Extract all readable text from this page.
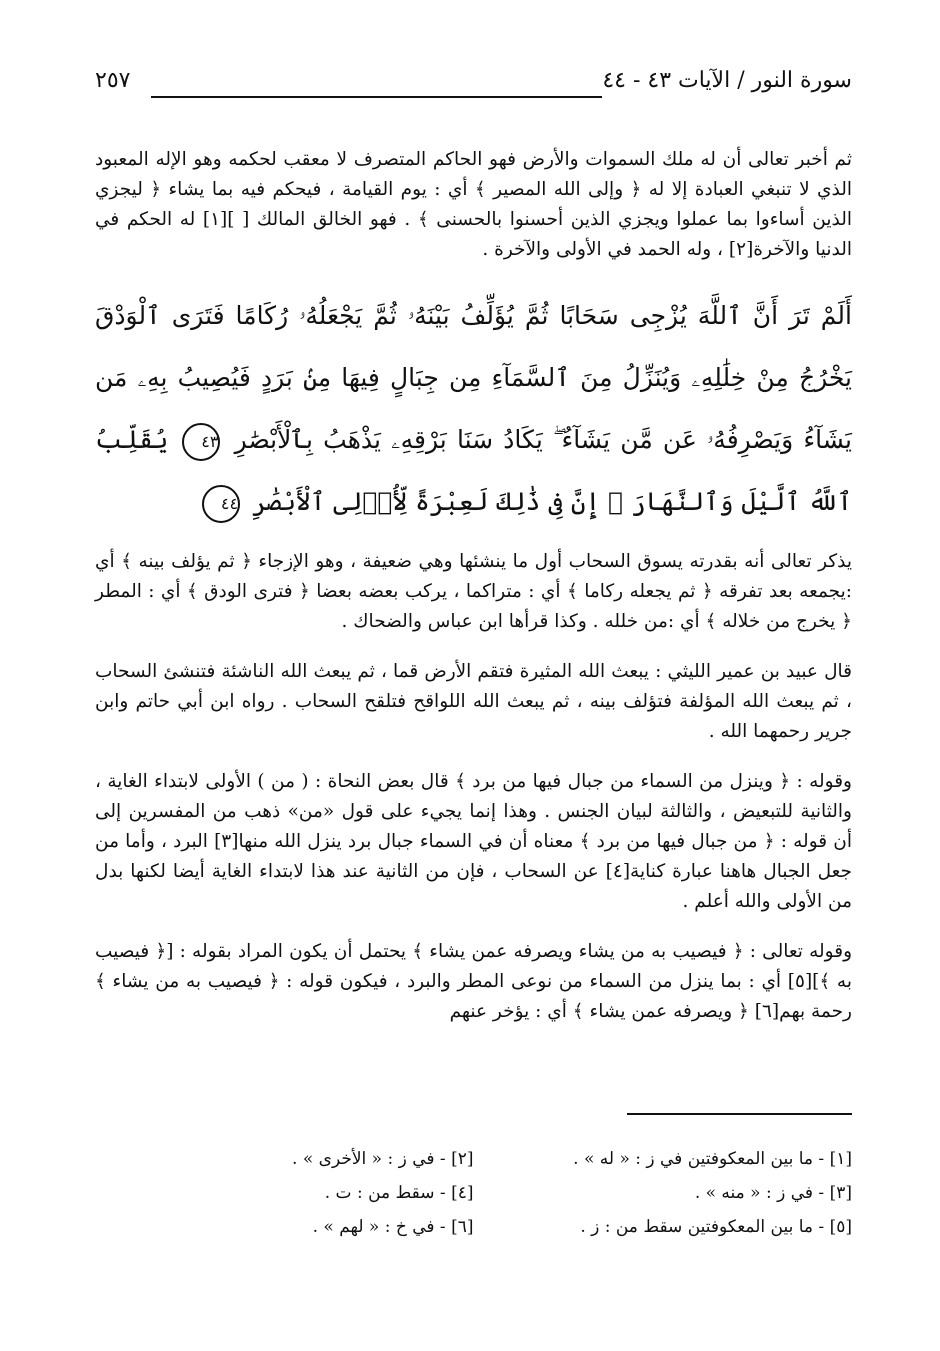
سورة النور / الآيات ٤٣ - ٤٤
٢٥٧

ثم أخبر تعالى أن له ملك السموات والأرض فهو الحاكم المتصرف لا معقب لحكمه وهو الإله المعبود الذي لا تنبغي العبادة إلا له ﴿ وإلى الله المصير ﴾ أي : يوم القيامة ، فيحكم فيه بما يشاء ﴿ ليجزي الذين أساءوا بما عملوا ويجزي الذين أحسنوا بالحسنى ﴾ . فهو الخالق المالك [ ][١] له الحكم في الدنيا والآخرة[٢] ، وله الحمد في الأولى والآخرة .

أَلَمْ تَرَ أَنَّ ٱللَّهَ يُزْجِى سَحَابًا ثُمَّ يُؤَلِّفُ بَيْنَهُۥ ثُمَّ يَجْعَلُهُۥ رُكَامًا فَتَرَى ٱلْوَدْقَ يَخْرُجُ مِنْ خِلَٰلِهِۦ وَيُنَزِّلُ مِنَ ٱلسَّمَآءِ مِن جِبَالٍ فِيهَا مِنۢ بَرَدٍ فَيُصِيبُ بِهِۦ مَن يَشَآءُ وَيَصْرِفُهُۥ عَن مَّن يَشَآءُ ۖ يَكَادُ سَنَا بَرْقِهِۦ يَذْهَبُ بِٱلْأَبْصَٰرِ ٤٣ يُقَلِّبُ ٱللَّهُ ٱلَّيْلَ وَٱلنَّهَارَ ۚ إِنَّ فِى ذَٰلِكَ لَعِبْرَةً لِّأُو۟لِى ٱلْأَبْصَٰرِ ٤٤

يذكر تعالى أنه بقدرته يسوق السحاب أول ما ينشئها وهي ضعيفة ، وهو الإزجاء ﴿ ثم يؤلف بينه ﴾ أي :يجمعه بعد تفرقه ﴿ ثم يجعله ركاما ﴾ أي : متراكما ، يركب بعضه بعضا ﴿ فترى الودق ﴾ أي : المطر ﴿ يخرج من خلاله ﴾ أي :من خلله . وكذا قرأها ابن عباس والضحاك .

قال عبيد بن عمير الليثي : يبعث الله المثيرة فتقم الأرض قما ، ثم يبعث الله الناشئة فتنشئ السحاب ، ثم يبعث الله المؤلفة فتؤلف بينه ، ثم يبعث الله اللواقح فتلقح السحاب . رواه ابن أبي حاتم وابن جرير رحمهما الله .

وقوله : ﴿ وينزل من السماء من جبال فيها من برد ﴾ قال بعض النحاة : ( من ) الأولى لابتداء الغاية ، والثانية للتبعيض ، والثالثة لبيان الجنس . وهذا إنما يجيء على قول «من» ذهب من المفسرين إلى أن قوله : ﴿ من جبال فيها من برد ﴾ معناه أن في السماء جبال برد ينزل الله منها[٣] البرد ، وأما من جعل الجبال هاهنا عبارة كناية[٤] عن السحاب ، فإن من الثانية عند هذا لابتداء الغاية أيضا لكنها بدل من الأولى والله أعلم .

وقوله تعالى : ﴿ فيصيب به من يشاء ويصرفه عمن يشاء ﴾ يحتمل أن يكون المراد بقوله : [﴿ فيصيب به ﴾][٥] أي : بما ينزل من السماء من نوعى المطر والبرد ، فيكون قوله : ﴿ فيصيب به من يشاء ﴾ رحمة بهم[٦] ﴿ ويصرفه عمن يشاء ﴾ أي : يؤخر عنهم

[١] - ما بين المعكوفتين في ز : « له » .
[٢] - في ز : « الأخرى » .
[٣] - في ز : « منه » .
[٤] - سقط من : ت .
[٥] - ما بين المعكوفتين سقط من : ز .
[٦] - في خ : « لهم » .
